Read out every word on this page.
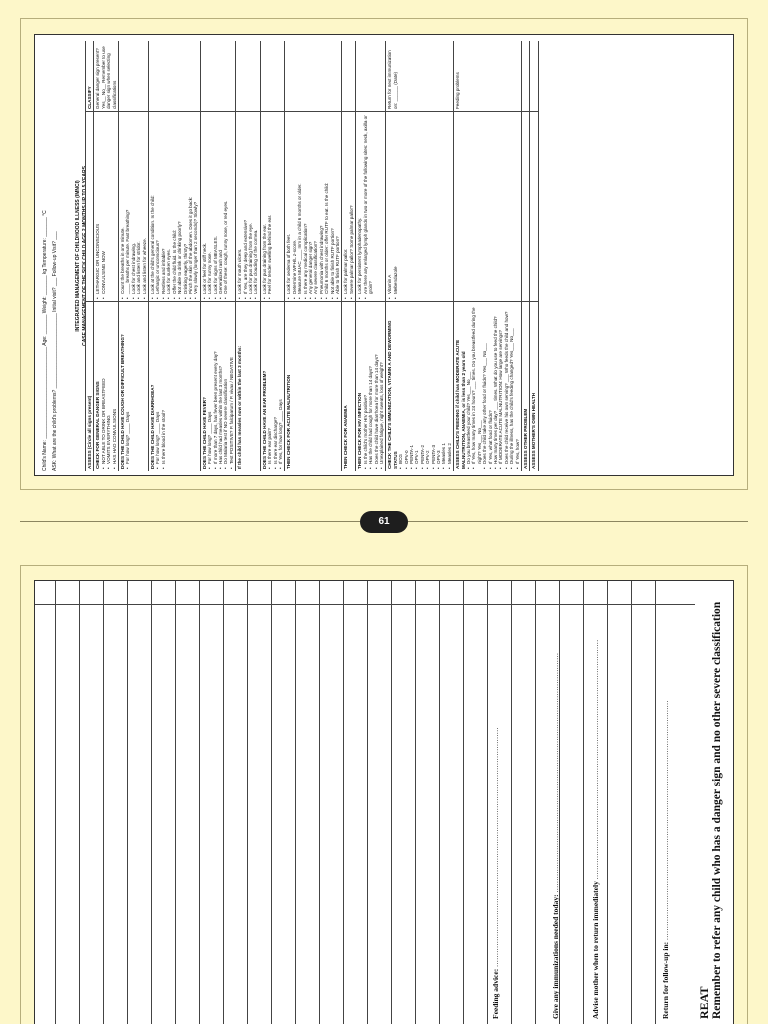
INTEGRATED MANAGEMENT OF CHILDHOOD ILLNESS (IMNCI) CASE MANAGEMENT OF THE SICK CHILD AGE 2 MONTHS UP TO 5 YEARS
Child's Name: _________________________________ Age: _______ Weight: _______ kg Temperature: _______ °C ASK: What are the child's problems? ___________________________ Initial visit? ___ Follow-up Visit? ___	ASSESS (Circle all signs present)
CLASSIFY
CHECK FOR GENERAL DANGER SIGNS • NOT ABLE TO DRINK OR BREASTFEED • VOMITS EVERYTHING • HAS HAD CONVULSIONS
• LETHARGIC OR UNCONSCIOUS • CONVULSING NOW
General danger sign present? Yes__ No__ Remember to use danger sign when selecting classifications
DOES THE CHILD HAVE COUGH OR DIFFICULT BREATHING? • For how long? ____ Days
• Count the breaths in one minute. • ____ breaths per minute. Fast breathing? • Look for chest indrawing. • Look and listen for stridor. • Look and listen for wheeze.
DOES THE CHILD HAVE DIARRHOEA? • For how long? ____ Days • Is there blood in the stool?
• Look at the child's general condition. Is the child: • Lethargic or unconscious? • Restless and irritable? • Look for sunken eyes. • Offer the child fluid. Is the child: • Not able to drink or drinking poorly? • Drinking eagerly, thirsty? • Pinch the skin of the abdomen. Does it go back: • Very slowly (longer than 2 seconds)? Slowly?
DOES THE CHILD HAVE FEVER? • For how long? ____ Days • If more than 7 days, has fever been present every day? • Has child had measles within the last 3 months? • Do Malaria test if NO severe classification • Test POSITIVE? P. falciparum / P. vivax / NEGATIVE
• Look or feel for stiff neck. • Look for runny nose. • Look for signs of MEASLES. • Generalized rash and • One of these: cough, runny nose, or red eyes.
If the child has measles now or within the last 3 months:
• Look for mouth ulcers. • If Yes, are they deep and extensive? • Look for pus draining from the eye. • Look for clouding of the cornea.
DOES THE CHILD HAVE AN EAR PROBLEM? • Is there ear pain? • Is there ear discharge? • If Yes, for how long? ____ Days
• Look for pus draining from the ear. • Feel for tender swelling behind the ear.
THEN CHECK FOR ACUTE MALNUTRITION
• Look for oedema of both feet. • Determine WFH/L z-score. • Measure MUAC ____ mm in a child 6 months or older. • Is there any medical complication? • Any general danger sign? • Any severe classification? • Pneumonia with chest indrawing? • Child 6 months or older: offer RUTF to eat. Is the child: • Not able to finish RUTF portion? • Able to finish RUTF portion?
THEN CHECK FOR ANAEMIA
• Look for palmar pallor. • Severe palmar pallor? Some palmar pallor?
THEN CHECK FOR HIV INFECTION • Is the child's mother HIV positive? • Has the child had cough for more than 14 days? • Does the child have diarrhoea for more than 14 days? • Unexplained fatigue, night sweats, loss of weight?
• Look for persistent lymphadenopathy. • Are there any enlarged lymph glands in two or more of the following sites: neck, axilla or groin?
CHECK THE CHILD'S IMMUNIZATION, VITAMIN A AND DEWORMING STATUS • BCG • OPV-0 • PENTA-1 • OPV-1 • PENTA-2 • OPV-2 • PENTA-3 • OPV-3 • Measles 1 • Measles 2
• Vitamin A • Mebendazole
Return for next immunization on: ______ (Date)
ASSESS CHILD'S FEEDING if child has MODERATE ACUTE MALNUTRITION, ANAEMIA, or is less than 2 years old • Do you breastfeed your child? Yes___ No___ • If Yes, how many times in 24 hours? ___ times. Do you breastfeed during the night? Yes___ No___ • Does the child take any other food or fluids? Yes___ No___ • If Yes, what food or fluids? • How many times per day? ___ times. What do you use to feed the child? • If MODERATE ACUTE MALNUTRITION: How large are servings? • Does the child receive his own serving? ___ Who feeds the child and how? • During the illness, has the child's feeding changed? Yes___ No___ • If Yes, how?
Feeding problems
ASSESS OTHER PROBLEM ASSESS MOTHER'S OWN HEALTH
61
Return for follow-up in: .....................................................................................................
Advise mother when to return immediately .....................................................................................................
Give any immunizations needed today: .....................................................................................................
Feeding advice: .....................................................................................................
REAT Remember to refer any child who has a danger sign and no other severe classification
